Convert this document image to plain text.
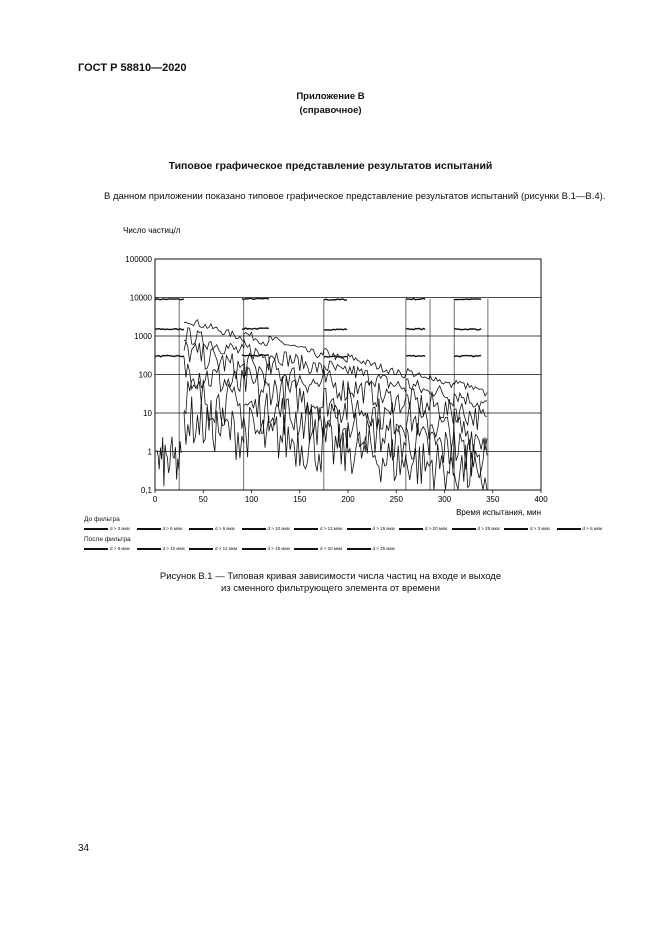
ГОСТ Р 58810—2020
Приложение В
(справочное)
Типовое графическое представление результатов испытаний
В данном приложении показано типовое графическое представление результатов испытаний (рисунки В.1—В.4).
Число частиц/л
100000
10000
1000
100
10
1
0,1
0	50	100	150	200	250	300	350	400
Время испытания, мин
До фильтра
d > 3 мкм	d > 6 мкм	d > 6 мкм	d > 10 мкм	d > 12 мкм	d > 15 мкм	d > 20 мкм	d > 25 мкм	d > 3 мкм	d > 6 мкм
После фильтра
d > 8 мкм	d > 10 мкм	d > 12 мкм	d > 15 мкм	d > 20 мкм	d > 25 мкм
Рисунок В.1 — Типовая кривая зависимости числа частиц на входе и выходе
из сменного фильтрующего элемента от времени
34
